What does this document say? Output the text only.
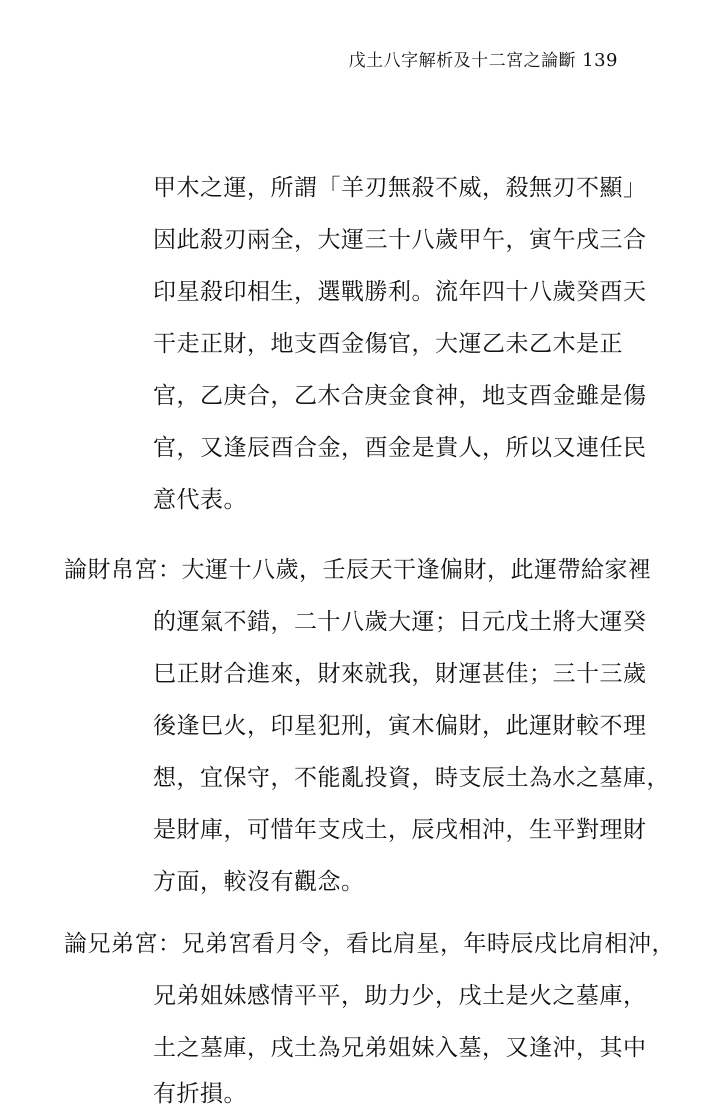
戊土八字解析及十二宮之論斷 139
甲木之運，所謂「羊刃無殺不威，殺無刃不顯」
因此殺刃兩全，大運三十八歲甲午，寅午戌三合
印星殺印相生，選戰勝利。流年四十八歲癸酉天
干走正財，地支酉金傷官，大運乙未乙木是正
官，乙庚合，乙木合庚金食神，地支酉金雖是傷
官，又逢辰酉合金，酉金是貴人，所以又連任民
意代表。
論財帛宮：大運十八歲，壬辰天干逢偏財，此運帶給家裡
的運氣不錯，二十八歲大運；日元戊土將大運癸
巳正財合進來，財來就我，財運甚佳；三十三歲
後逢巳火，印星犯刑，寅木偏財，此運財較不理
想，宜保守，不能亂投資，時支辰土為水之墓庫，
是財庫，可惜年支戌土，辰戌相沖，生平對理財
方面，較沒有觀念。
論兄弟宮：兄弟宮看月令，看比肩星，年時辰戌比肩相沖，
兄弟姐妹感情平平，助力少，戌土是火之墓庫，
土之墓庫，戌土為兄弟姐妹入墓，又逢沖，其中
有折損。
